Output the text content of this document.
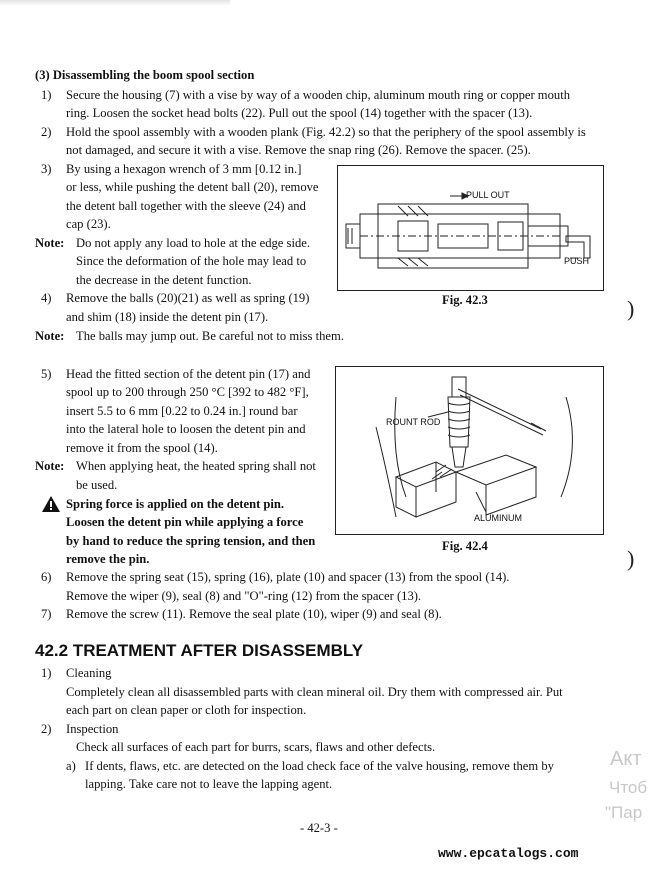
(3) Disassembling the boom spool section
1) Secure the housing (7) with a vise by way of a wooden chip, aluminum mouth ring or copper mouth
ring. Loosen the socket head bolts (22). Pull out the spool (14) together with the spacer (13).
2) Hold the spool assembly with a wooden plank (Fig. 42.2) so that the periphery of the spool assembly is
not damaged, and secure it with a vise. Remove the snap ring (26). Remove the spacer. (25).
3) By using a hexagon wrench of 3 mm [0.12 in.]
or less, while pushing the detent ball (20), remove
the detent ball together with the sleeve (24) and
cap (23).
Note: Do not apply any load to hole at the edge side.
Since the deformation of the hole may lead to
the decrease in the detent function.
4) Remove the balls (20)(21) as well as spring (19)
and shim (18) inside the detent pin (17).
Note: The balls may jump out. Be careful not to miss them.
PULL OUT
PUSH
Fig. 42.3	)
)
5) Head the fitted section of the detent pin (17) and
spool up to 200 through 250 °C [392 to 482 °F],
insert 5.5 to 6 mm [0.22 to 0.24 in.] round bar
into the lateral hole to loosen the detent pin and
remove it from the spool (14).
Note: When applying heat, the heated spring shall not
be used.
Spring force is applied on the detent pin.
Loosen the detent pin while applying a force
by hand to reduce the spring tension, and then
remove the pin.
ROUNT ROD
ALUMINUM
Fig. 42.4
6) Remove the spring seat (15), spring (16), plate (10) and spacer (13) from the spool (14).
Remove the wiper (9), seal (8) and "O"-ring (12) from the spacer (13).
7) Remove the screw (11). Remove the seal plate (10), wiper (9) and seal (8).
42.2 TREATMENT AFTER DISASSEMBLY
1) Cleaning
Completely clean all disassembled parts with clean mineral oil. Dry them with compressed air. Put
each part on clean paper or cloth for inspection.
2) Inspection
Check all surfaces of each part for burrs, scars, flaws and other defects.
a) If dents, flaws, etc. are detected on the load check face of the valve housing, remove them by
lapping. Take care not to leave the lapping agent.
Акт
Чтоб
"Пар
- 42-3 -
www.epcatalogs.com
